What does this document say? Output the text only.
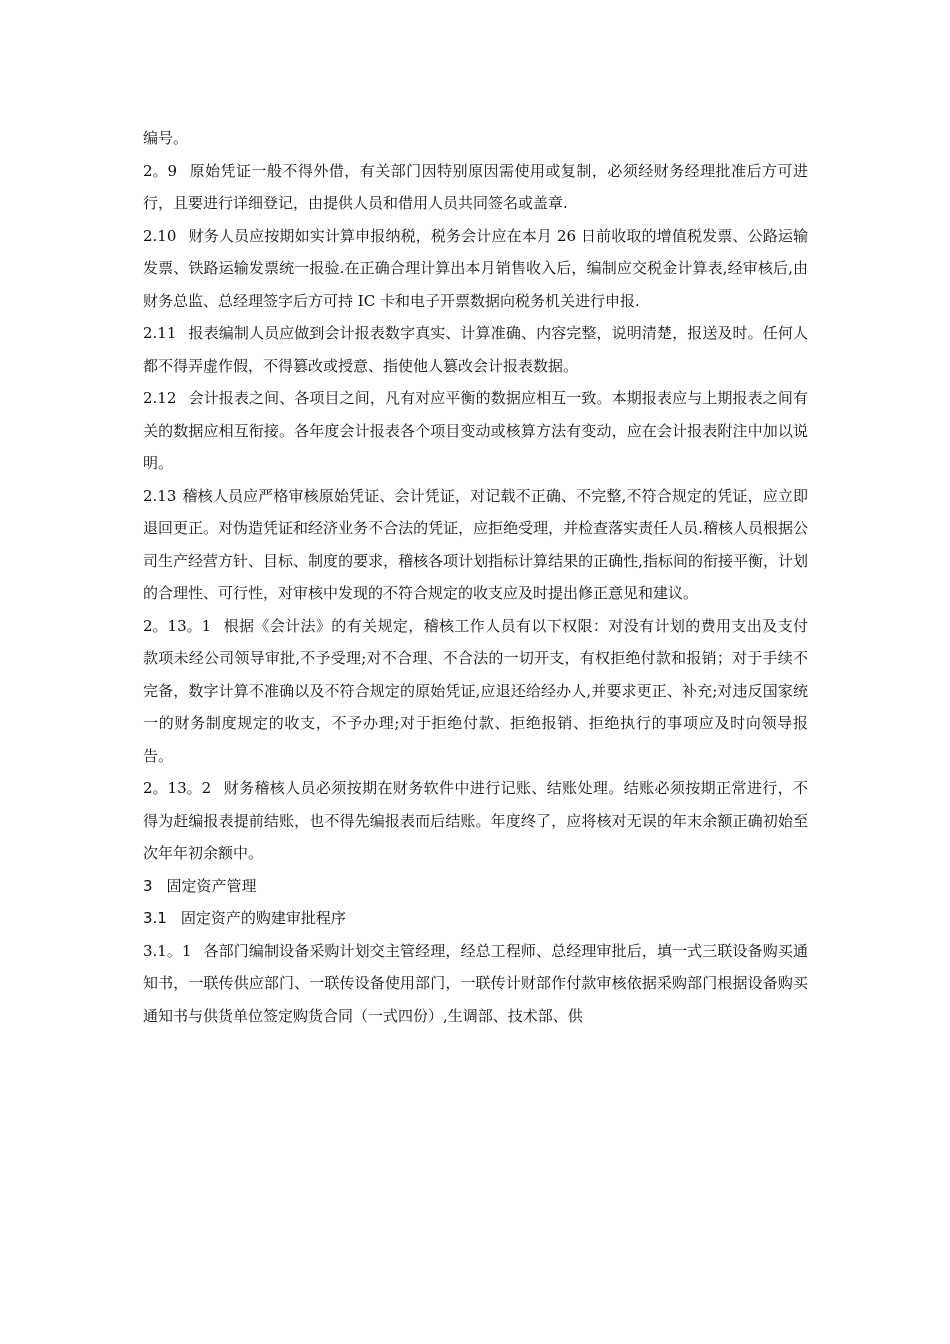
编号。

2。9 原始凭证一般不得外借，有关部门因特别原因需使用或复制，必须经财务经理批准后方可进行，且要进行详细登记，由提供人员和借用人员共同签名或盖章.

2.10 财务人员应按期如实计算申报纳税，税务会计应在本月 26 日前收取的增值税发票、公路运输发票、铁路运输发票统一报验.在正确合理计算出本月销售收入后，编制应交税金计算表,经审核后,由财务总监、总经理签字后方可持 IC 卡和电子开票数据向税务机关进行申报.

2.11 报表编制人员应做到会计报表数字真实、计算准确、内容完整，说明清楚，报送及时。任何人都不得弄虚作假，不得篡改或授意、指使他人篡改会计报表数据。

2.12 会计报表之间、各项目之间，凡有对应平衡的数据应相互一致。本期报表应与上期报表之间有关的数据应相互衔接。各年度会计报表各个项目变动或核算方法有变动，应在会计报表附注中加以说明。

2.13 稽核人员应严格审核原始凭证、会计凭证，对记载不正确、不完整,不符合规定的凭证，应立即退回更正。对伪造凭证和经济业务不合法的凭证，应拒绝受理，并检查落实责任人员.稽核人员根据公司生产经营方针、目标、制度的要求，稽核各项计划指标计算结果的正确性,指标间的衔接平衡，计划的合理性、可行性，对审核中发现的不符合规定的收支应及时提出修正意见和建议。

2。13。1 根据《会计法》的有关规定，稽核工作人员有以下权限：对没有计划的费用支出及支付款项未经公司领导审批,不予受理;对不合理、不合法的一切开支，有权拒绝付款和报销；对于手续不完备，数字计算不准确以及不符合规定的原始凭证,应退还给经办人,并要求更正、补充;对违反国家统一的财务制度规定的收支，不予办理;对于拒绝付款、拒绝报销、拒绝执行的事项应及时向领导报告。

2。13。2 财务稽核人员必须按期在财务软件中进行记账、结账处理。结账必须按期正常进行，不得为赶编报表提前结账，也不得先编报表而后结账。年度终了，应将核对无误的年末余额正确初始至次年年初余额中。

3 固定资产管理

3.1 固定资产的购建审批程序

3.1。1 各部门编制设备采购计划交主管经理，经总工程师、总经理审批后，填一式三联设备购买通知书，一联传供应部门、一联传设备使用部门，一联传计财部作付款审核依据采购部门根据设备购买通知书与供货单位签定购货合同（一式四份）,生调部、技术部、供
